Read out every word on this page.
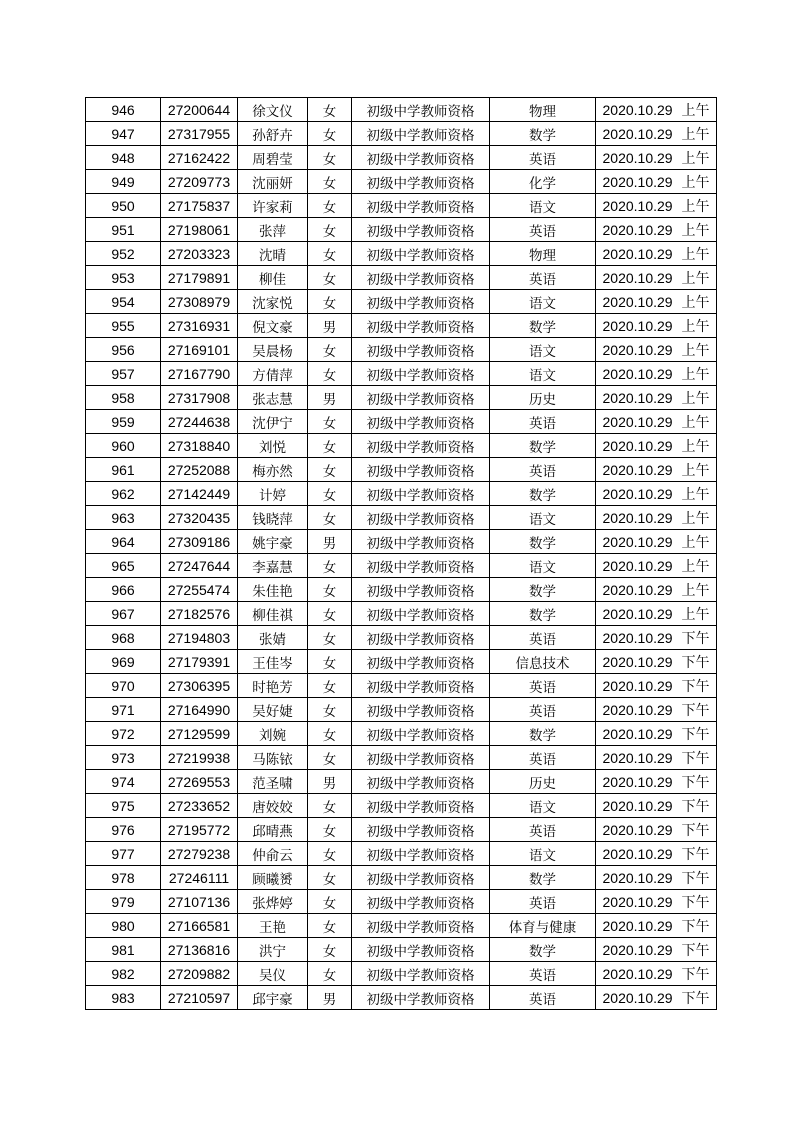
946	27200644	徐文仪	女	初级中学教师资格	物理	2020.10.29 上午
947	27317955	孙舒卉	女	初级中学教师资格	数学	2020.10.29 上午
948	27162422	周碧莹	女	初级中学教师资格	英语	2020.10.29 上午
949	27209773	沈丽妍	女	初级中学教师资格	化学	2020.10.29 上午
950	27175837	许家莉	女	初级中学教师资格	语文	2020.10.29 上午
951	27198061	张萍	女	初级中学教师资格	英语	2020.10.29 上午
952	27203323	沈晴	女	初级中学教师资格	物理	2020.10.29 上午
953	27179891	柳佳	女	初级中学教师资格	英语	2020.10.29 上午
954	27308979	沈家悦	女	初级中学教师资格	语文	2020.10.29 上午
955	27316931	倪文豪	男	初级中学教师资格	数学	2020.10.29 上午
956	27169101	吴晨杨	女	初级中学教师资格	语文	2020.10.29 上午
957	27167790	方倩萍	女	初级中学教师资格	语文	2020.10.29 上午
958	27317908	张志慧	男	初级中学教师资格	历史	2020.10.29 上午
959	27244638	沈伊宁	女	初级中学教师资格	英语	2020.10.29 上午
960	27318840	刘悦	女	初级中学教师资格	数学	2020.10.29 上午
961	27252088	梅亦然	女	初级中学教师资格	英语	2020.10.29 上午
962	27142449	计婷	女	初级中学教师资格	数学	2020.10.29 上午
963	27320435	钱晓萍	女	初级中学教师资格	语文	2020.10.29 上午
964	27309186	姚宇豪	男	初级中学教师资格	数学	2020.10.29 上午
965	27247644	李嘉慧	女	初级中学教师资格	语文	2020.10.29 上午
966	27255474	朱佳艳	女	初级中学教师资格	数学	2020.10.29 上午
967	27182576	柳佳祺	女	初级中学教师资格	数学	2020.10.29 上午
968	27194803	张婧	女	初级中学教师资格	英语	2020.10.29 下午
969	27179391	王佳岑	女	初级中学教师资格	信息技术	2020.10.29 下午
970	27306395	时艳芳	女	初级中学教师资格	英语	2020.10.29 下午
971	27164990	吴好婕	女	初级中学教师资格	英语	2020.10.29 下午
972	27129599	刘婉	女	初级中学教师资格	数学	2020.10.29 下午
973	27219938	马陈铱	女	初级中学教师资格	英语	2020.10.29 下午
974	27269553	范圣啸	男	初级中学教师资格	历史	2020.10.29 下午
975	27233652	唐姣姣	女	初级中学教师资格	语文	2020.10.29 下午
976	27195772	邱晴燕	女	初级中学教师资格	英语	2020.10.29 下午
977	27279238	仲俞云	女	初级中学教师资格	语文	2020.10.29 下午
978	27246111	顾曦赟	女	初级中学教师资格	数学	2020.10.29 下午
979	27107136	张烨婷	女	初级中学教师资格	英语	2020.10.29 下午
980	27166581	王艳	女	初级中学教师资格	体育与健康	2020.10.29 下午
981	27136816	洪宁	女	初级中学教师资格	数学	2020.10.29 下午
982	27209882	吴仪	女	初级中学教师资格	英语	2020.10.29 下午
983	27210597	邱宇豪	男	初级中学教师资格	英语	2020.10.29 下午
